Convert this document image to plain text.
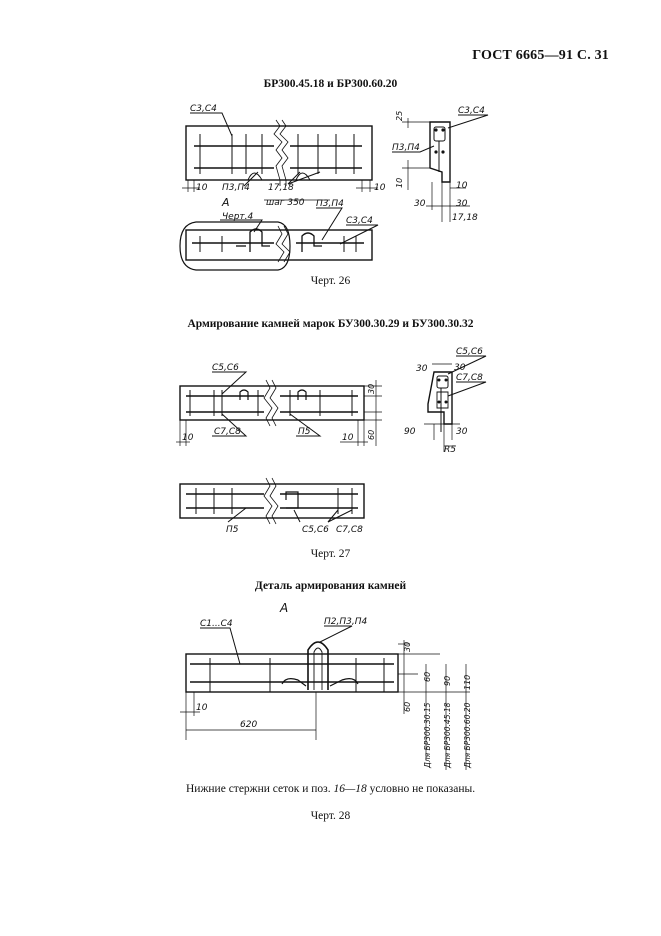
ГОСТ 6665—91 С. 31
БР300.45.18 и БР300.60.20
Черт. 26
Армирование камней марок БУ300.30.29 и БУ300.30.32
Черт. 27
Деталь армирования камней
Нижние стержни сеток и поз. 16—18 условно не показаны.
Черт. 28
С3,С4
П3,П4 17,18
шаг 350
10	10
С3,С4
П3,П4
25
10	10
30	30
17,18
А
Черт.4
П3,П4
С3,С4
С5,С6
С7,С8	П5
10	10
30
60
30
С5,С6
30
С7,С8
90	30
R5
П5	С5,С6 С7,С8
А
С1...С4	П2,П3,П4
10
620
30
60
60 90 110
Для БР300.30.15 Для БР300.45.18 Для БР300.60.20
